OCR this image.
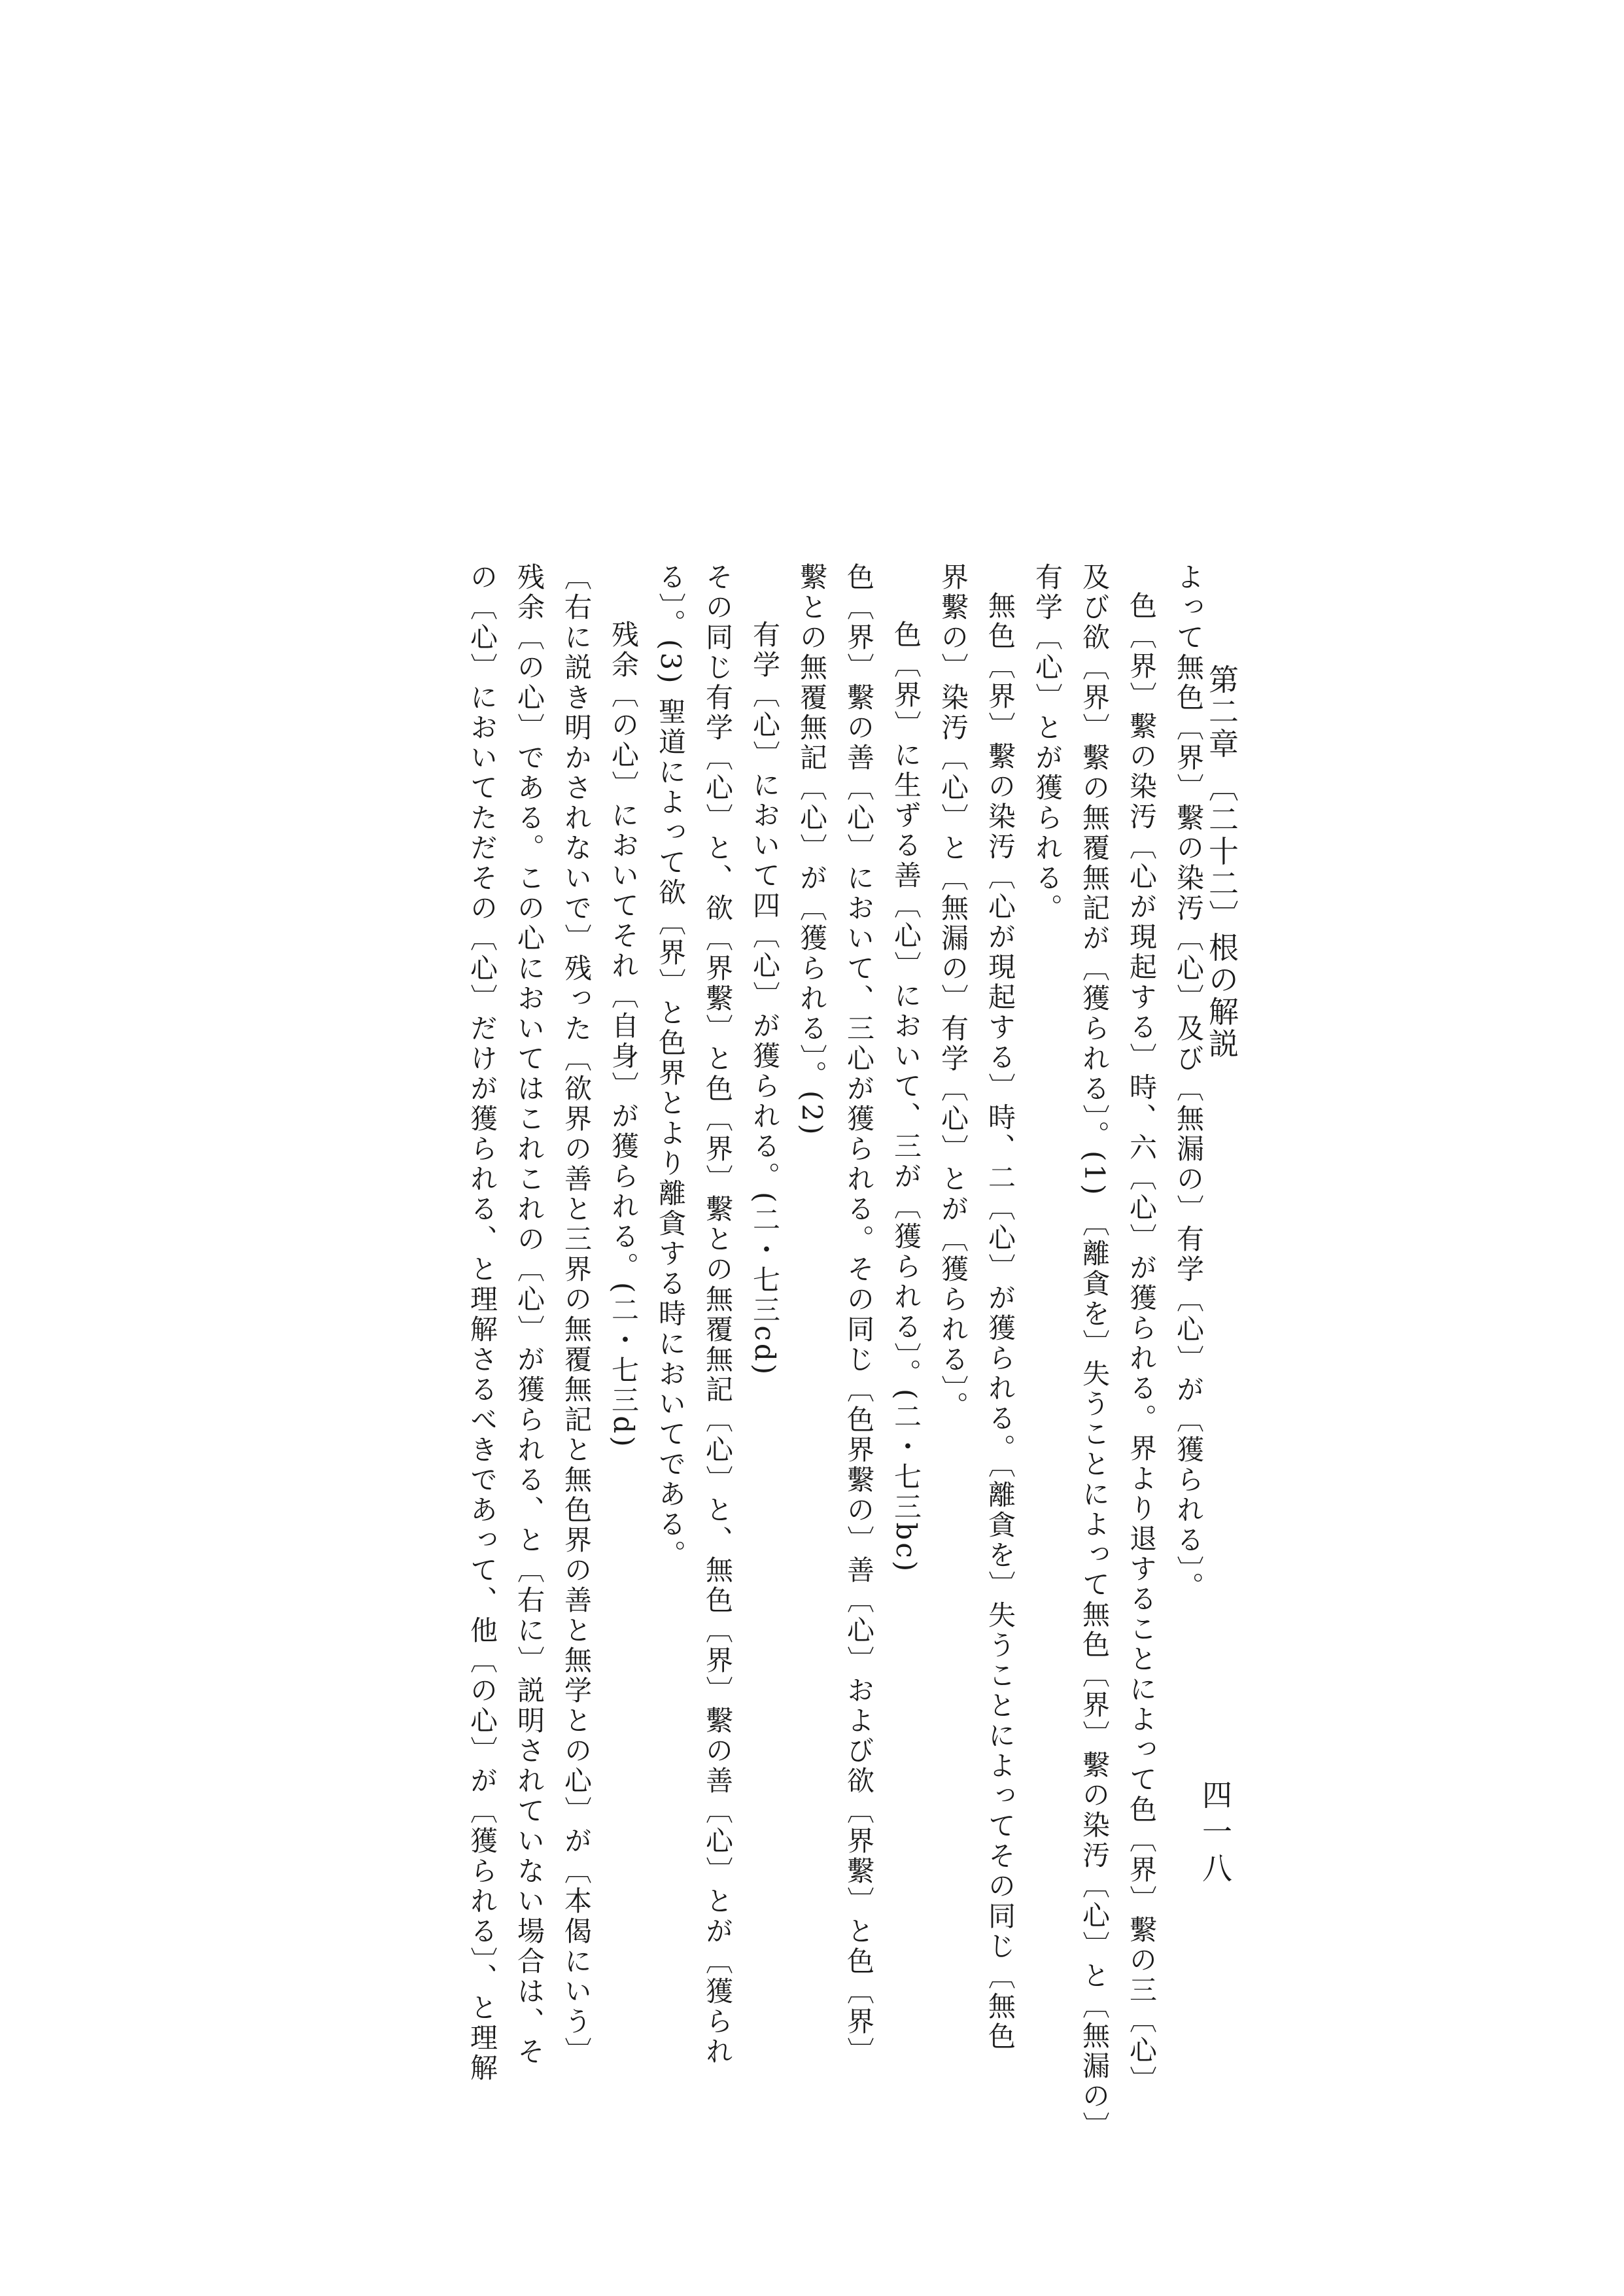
第二章 〔二十二〕根の解説
四一八

よって無色〔界〕繫の染汚〔心〕及び〔無漏の〕有学〔心〕が〔獲られる〕。

色〔界〕繫の染汚〔心が現起する〕時、六〔心〕が獲られる。界より退することによって色〔界〕繫の三〔心〕

及び欲〔界〕繫の無覆無記が〔獲られる〕。(1) 〔離貪を〕失うことによって無色〔界〕繫の染汚〔心〕と〔無漏の〕

有学〔心〕とが獲られる。

無色〔界〕繫の染汚〔心が現起する〕時、二〔心〕が獲られる。〔離貪を〕失うことによってその同じ〔無色

界繫の〕染汚〔心〕と〔無漏の〕有学〔心〕とが〔獲られる〕。

色〔界〕に生ずる善〔心〕において、三が〔獲られる〕。(二・七三bc)

色〔界〕繫の善〔心〕において、三心が獲られる。その同じ〔色界繫の〕善〔心〕および欲〔界繫〕と色〔界〕

繫との無覆無記〔心〕が〔獲られる〕。(2)

有学〔心〕において四〔心〕が獲られる。(二・七三cd)

その同じ有学〔心〕と、欲〔界繫〕と色〔界〕繫との無覆無記〔心〕と、無色〔界〕繫の善〔心〕とが〔獲られ

る〕。(3) 聖道によって欲〔界〕と色界とより離貪する時においてである。

残余〔の心〕においてそれ〔自身〕が獲られる。(二・七三d)

〔右に説き明かされないで〕残った〔欲界の善と三界の無覆無記と無色界の善と無学との心〕が〔本偈にいう〕

残余〔の心〕である。この心においてはこれこれの〔心〕が獲られる、と〔右に〕説明されていない場合は、そ

の〔心〕においてただその〔心〕だけが獲られる、と理解さるべきであって、他〔の心〕が〔獲られる〕、と理解
